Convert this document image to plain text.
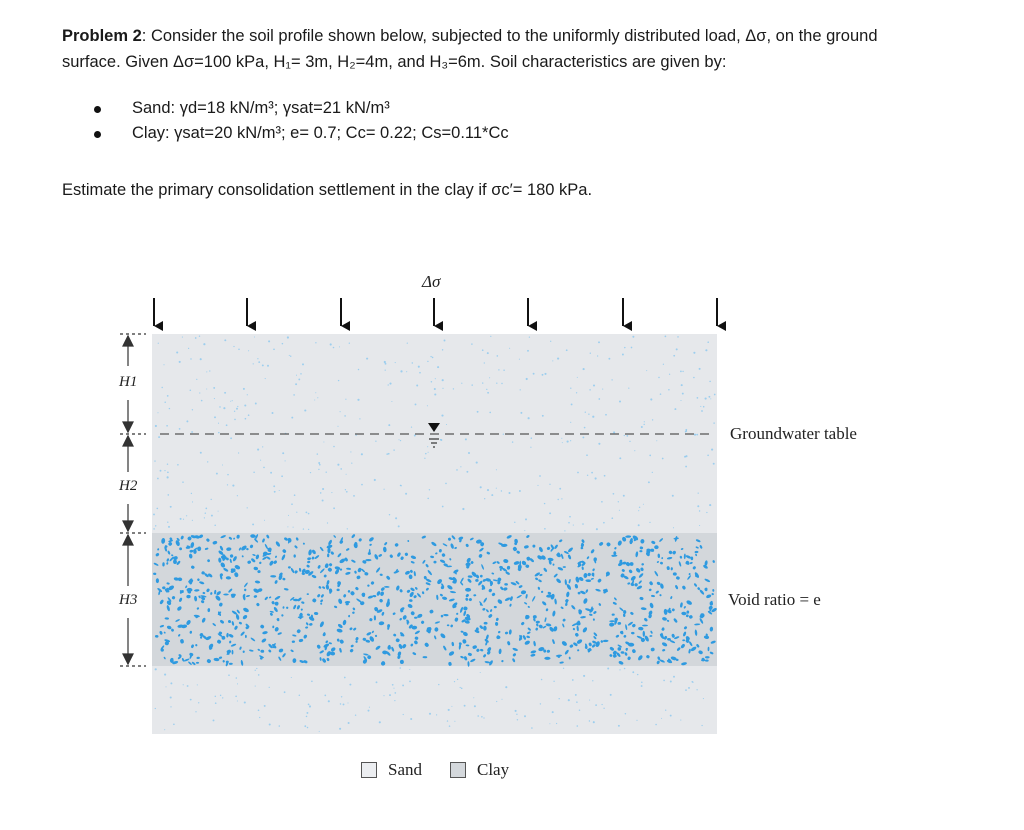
Problem 2: Consider the soil profile shown below, subjected to the uniformly distributed load, Δσ, on the ground
surface. Given Δσ=100 kPa, H₁= 3m, H₂=4m, and H₃=6m. Soil characteristics are given by:
Sand: γd=18 kN/m³; γsat=21 kN/m³
Clay: γsat=20 kN/m³; e= 0.7; Cc= 0.22; Cs=0.11*Cc
Estimate the primary consolidation settlement in the clay if σc′= 180 kPa.
Δσ
Groundwater table
Void ratio = e
H1
H2
H3
Sand	Clay
